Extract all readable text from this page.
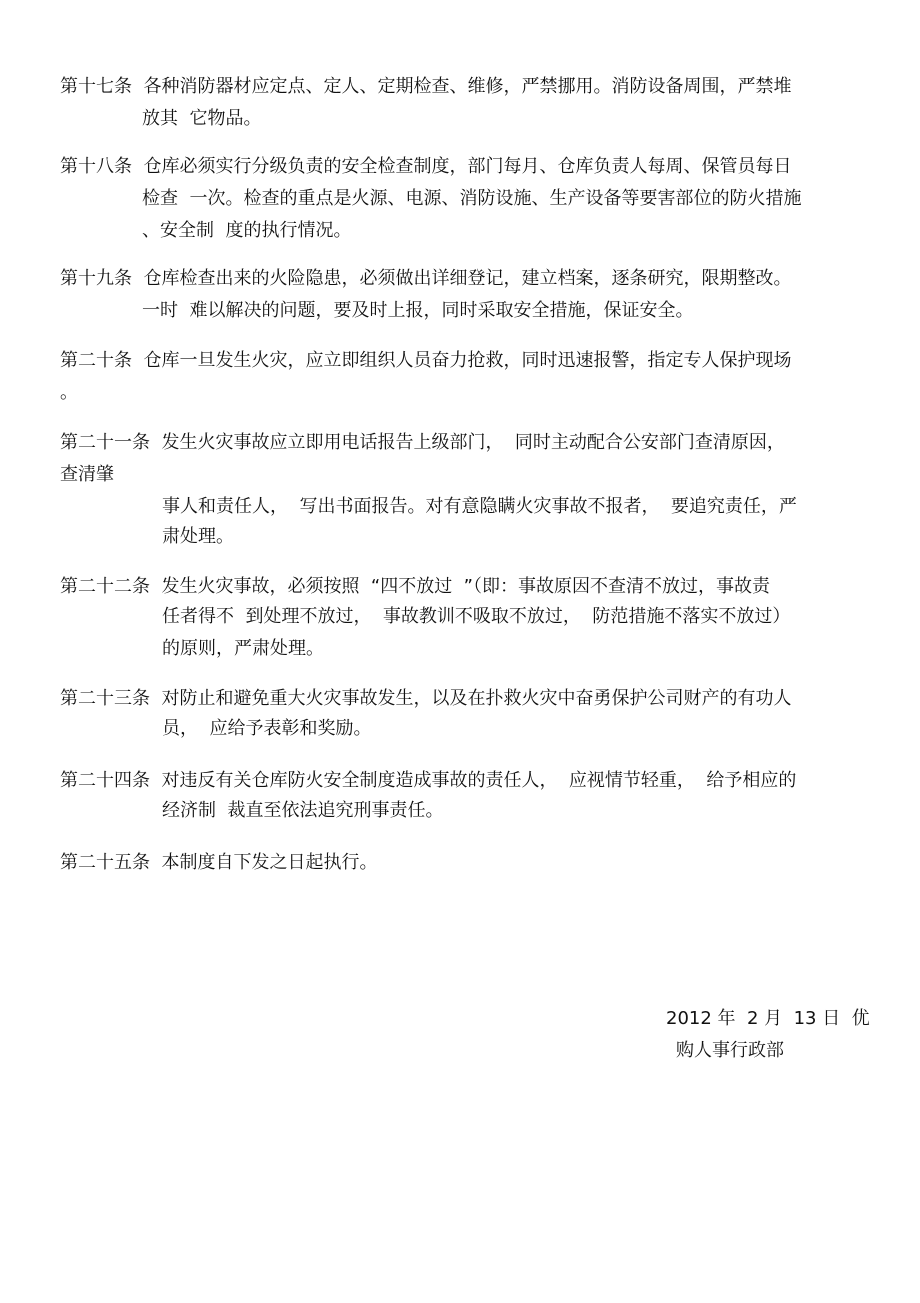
第十七条  各种消防器材应定点、定人、定期检查、维修，严禁挪用。消防设备周围，严禁堆
放其  它物品。
第十八条  仓库必须实行分级负责的安全检查制度，部门每月、仓库负责人每周、保管员每日
检查  一次。检查的重点是火源、电源、消防设施、生产设备等要害部位的防火措施
、安全制  度的执行情况。
第十九条  仓库检查出来的火险隐患，必须做出详细登记，建立档案，逐条研究，限期整改。
一时  难以解决的问题，要及时上报，同时采取安全措施，保证安全。
第二十条  仓库一旦发生火灾，应立即组织人员奋力抢救，同时迅速报警，指定专人保护现场
。
第二十一条  发生火灾事故应立即用电话报告上级部门，  同时主动配合公安部门查清原因，
查清肇
事人和责任人，  写出书面报告。对有意隐瞒火灾事故不报者，  要追究责任，严
肃处理。
第二十二条  发生火灾事故，必须按照  “四不放过  ”（即：事故原因不查清不放过，事故责
任者得不  到处理不放过，  事故教训不吸取不放过，  防范措施不落实不放过）
的原则，严肃处理。
第二十三条  对防止和避免重大火灾事故发生，以及在扑救火灾中奋勇保护公司财产的有功人
员，  应给予表彰和奖励。
第二十四条  对违反有关仓库防火安全制度造成事故的责任人，  应视情节轻重，  给予相应的
经济制  裁直至依法追究刑事责任。
第二十五条  本制度自下发之日起执行。
2012 年  2 月  13 日  优
购人事行政部
